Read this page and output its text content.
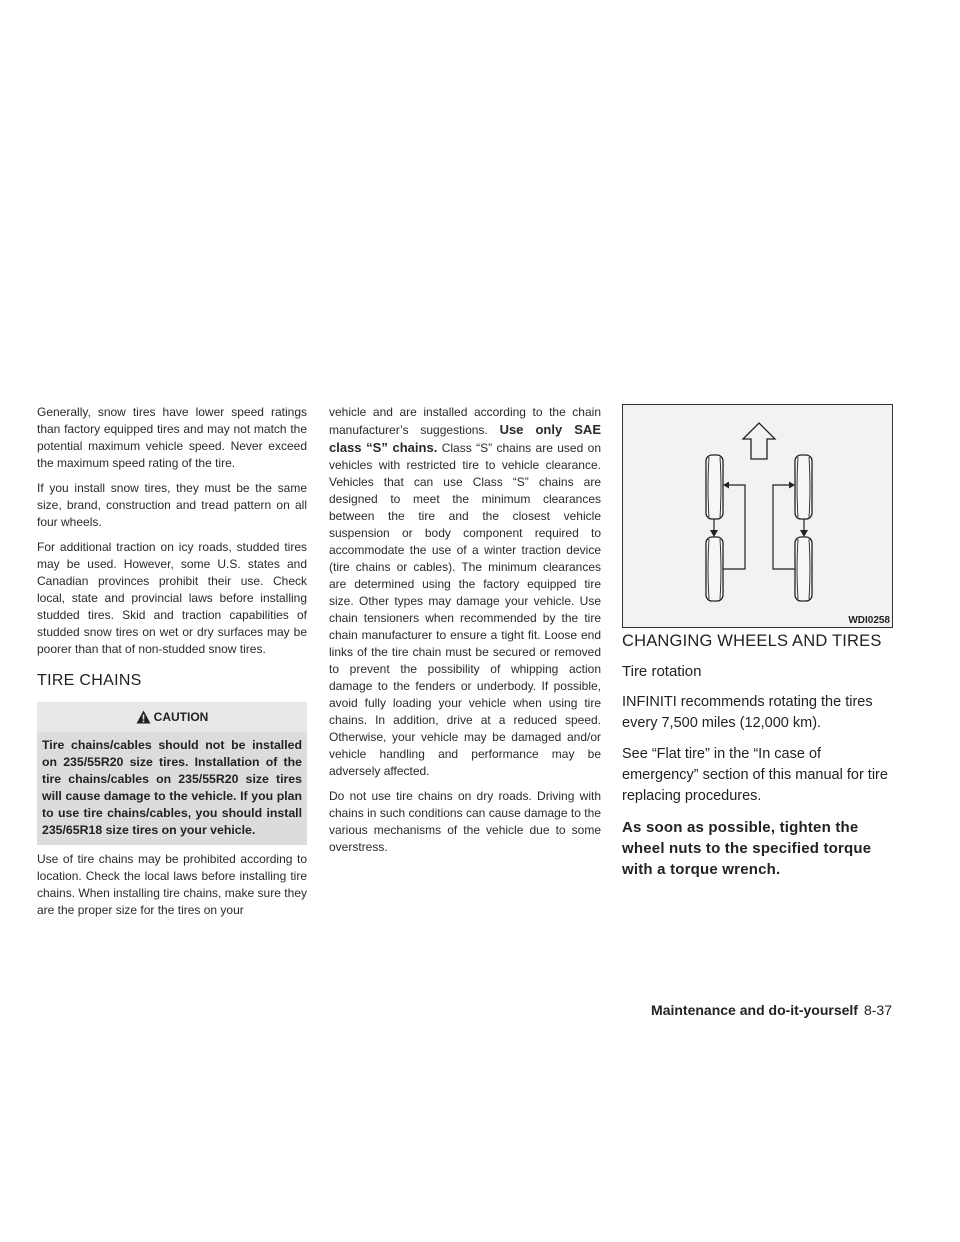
Generally, snow tires have lower speed ratings than factory equipped tires and may not match the potential maximum vehicle speed. Never exceed the maximum speed rating of the tire.

If you install snow tires, they must be the same size, brand, construction and tread pattern on all four wheels.

For additional traction on icy roads, studded tires may be used. However, some U.S. states and Canadian provinces prohibit their use. Check local, state and provincial laws before installing studded tires. Skid and traction capabilities of studded snow tires on wet or dry surfaces may be poorer than that of non-studded snow tires.

TIRE CHAINS
CAUTION

Tire chains/cables should not be installed on 235/55R20 size tires. Installation of the tire chains/cables on 235/55R20 size tires will cause damage to the vehicle. If you plan to use tire chains/cables, you should install 235/65R18 size tires on your vehicle.

Use of tire chains may be prohibited according to location. Check the local laws before installing tire chains. When installing tire chains, make sure they are the proper size for the tires on your

vehicle and are installed according to the chain manufacturer’s suggestions. Use only SAE class “S” chains. Class “S” chains are used on vehicles with restricted tire to vehicle clearance. Vehicles that can use Class “S” chains are designed to meet the minimum clearances between the tire and the closest vehicle suspension or body component required to accommodate the use of a winter traction device (tire chains or cables). The minimum clearances are determined using the factory equipped tire size. Other types may damage your vehicle. Use chain tensioners when recommended by the tire chain manufacturer to ensure a tight fit. Loose end links of the tire chain must be secured or removed to prevent the possibility of whipping action damage to the fenders or underbody. If possible, avoid fully loading your vehicle when using tire chains. In addition, drive at a reduced speed. Otherwise, your vehicle may be damaged and/or vehicle handling and performance may be adversely affected.

Do not use tire chains on dry roads. Driving with chains in such conditions can cause damage to the various mechanisms of the vehicle due to some overstress.

WDI0258
CHANGING WHEELS AND TIRES
Tire rotation

INFINITI recommends rotating the tires every 7,500 miles (12,000 km).

See “Flat tire” in the “In case of emergency” section of this manual for tire replacing procedures.

As soon as possible, tighten the wheel nuts to the specified torque with a torque wrench.

Maintenance and do-it-yourself 8-37
